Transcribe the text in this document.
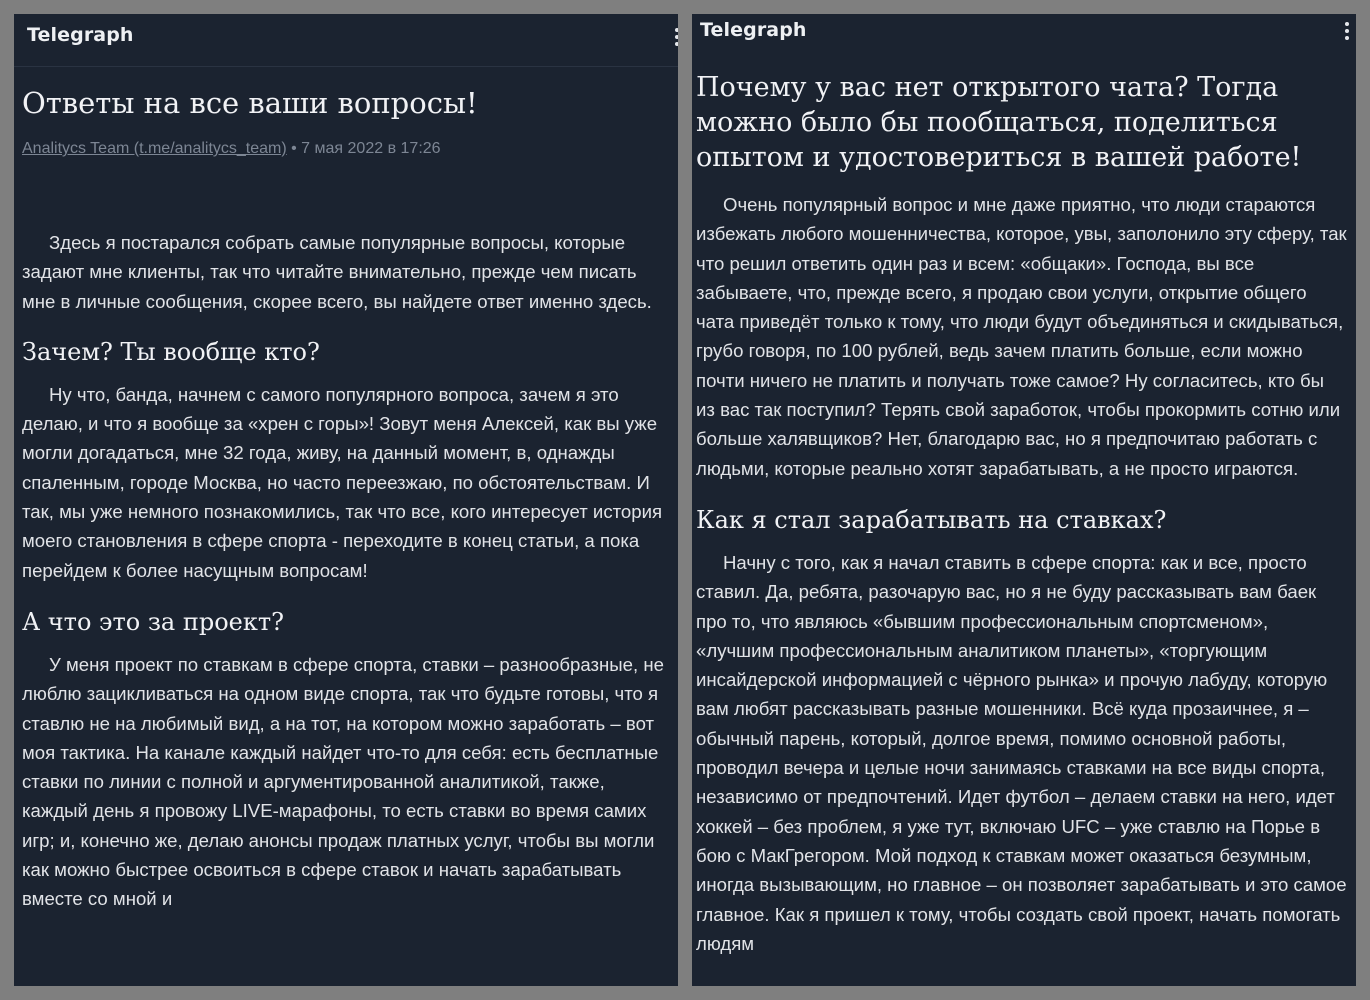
Telegraph
Ответы на все ваши вопросы!
Analitycs Team (t.me/analitycs_team) • 7 мая 2022 в 17:26

Здесь я постарался собрать самые популярные вопросы, которые задают мне клиенты, так что читайте внимательно, прежде чем писать мне в личные сообщения, скорее всего, вы найдете ответ именно здесь.

Зачем? Ты вообще кто?

Ну что, банда, начнем с самого популярного вопроса, зачем я это делаю, и что я вообще за «хрен с горы»! Зовут меня Алексей, как вы уже могли догадаться, мне 32 года, живу, на данный момент, в, однажды спаленным, городе Москва, но часто переезжаю, по обстоятельствам. И так, мы уже немного познакомились, так что все, кого интересует история моего становления в сфере спорта - переходите в конец статьи, а пока перейдем к более насущным вопросам!

А что это за проект?

У меня проект по ставкам в сфере спорта, ставки – разнообразные, не люблю зацикливаться на одном виде спорта, так что будьте готовы, что я ставлю не на любимый вид, а на тот, на котором можно заработать – вот моя тактика. На канале каждый найдет что-то для себя: есть бесплатные ставки по линии с полной и аргументированной аналитикой, также, каждый день я провожу LIVE-марафоны, то есть ставки во время самих игр; и, конечно же, делаю анонсы продаж платных услуг, чтобы вы могли как можно быстрее освоиться в сфере ставок и начать зарабатывать вместе со мной и

Telegraph
Почему у вас нет открытого чата? Тогда можно было бы пообщаться, поделиться опытом и удостовериться в вашей работе!

Очень популярный вопрос и мне даже приятно, что люди стараются избежать любого мошенничества, которое, увы, заполонило эту сферу, так что решил ответить один раз и всем: «общаки». Господа, вы все забываете, что, прежде всего, я продаю свои услуги, открытие общего чата приведёт только к тому, что люди будут объединяться и скидываться, грубо говоря, по 100 рублей, ведь зачем платить больше, если можно почти ничего не платить и получать тоже самое? Ну согласитесь, кто бы из вас так поступил? Терять свой заработок, чтобы прокормить сотню или больше халявщиков? Нет, благодарю вас, но я предпочитаю работать с людьми, которые реально хотят зарабатывать, а не просто играются.

Как я стал зарабатывать на ставках?

Начну с того, как я начал ставить в сфере спорта: как и все, просто ставил. Да, ребята, разочарую вас, но я не буду рассказывать вам баек про то, что являюсь «бывшим профессиональным спортсменом», «лучшим профессиональным аналитиком планеты», «торгующим инсайдерской информацией с чёрного рынка» и прочую лабуду, которую вам любят рассказывать разные мошенники. Всё куда прозаичнее, я – обычный парень, который, долгое время, помимо основной работы, проводил вечера и целые ночи занимаясь ставками на все виды спорта, независимо от предпочтений. Идет футбол – делаем ставки на него, идет хоккей – без проблем, я уже тут, включаю UFC – уже ставлю на Порье в бою с МакГрегором. Мой подход к ставкам может оказаться безумным, иногда вызывающим, но главное – он позволяет зарабатывать и это самое главное. Как я пришел к тому, чтобы создать свой проект, начать помогать людям
